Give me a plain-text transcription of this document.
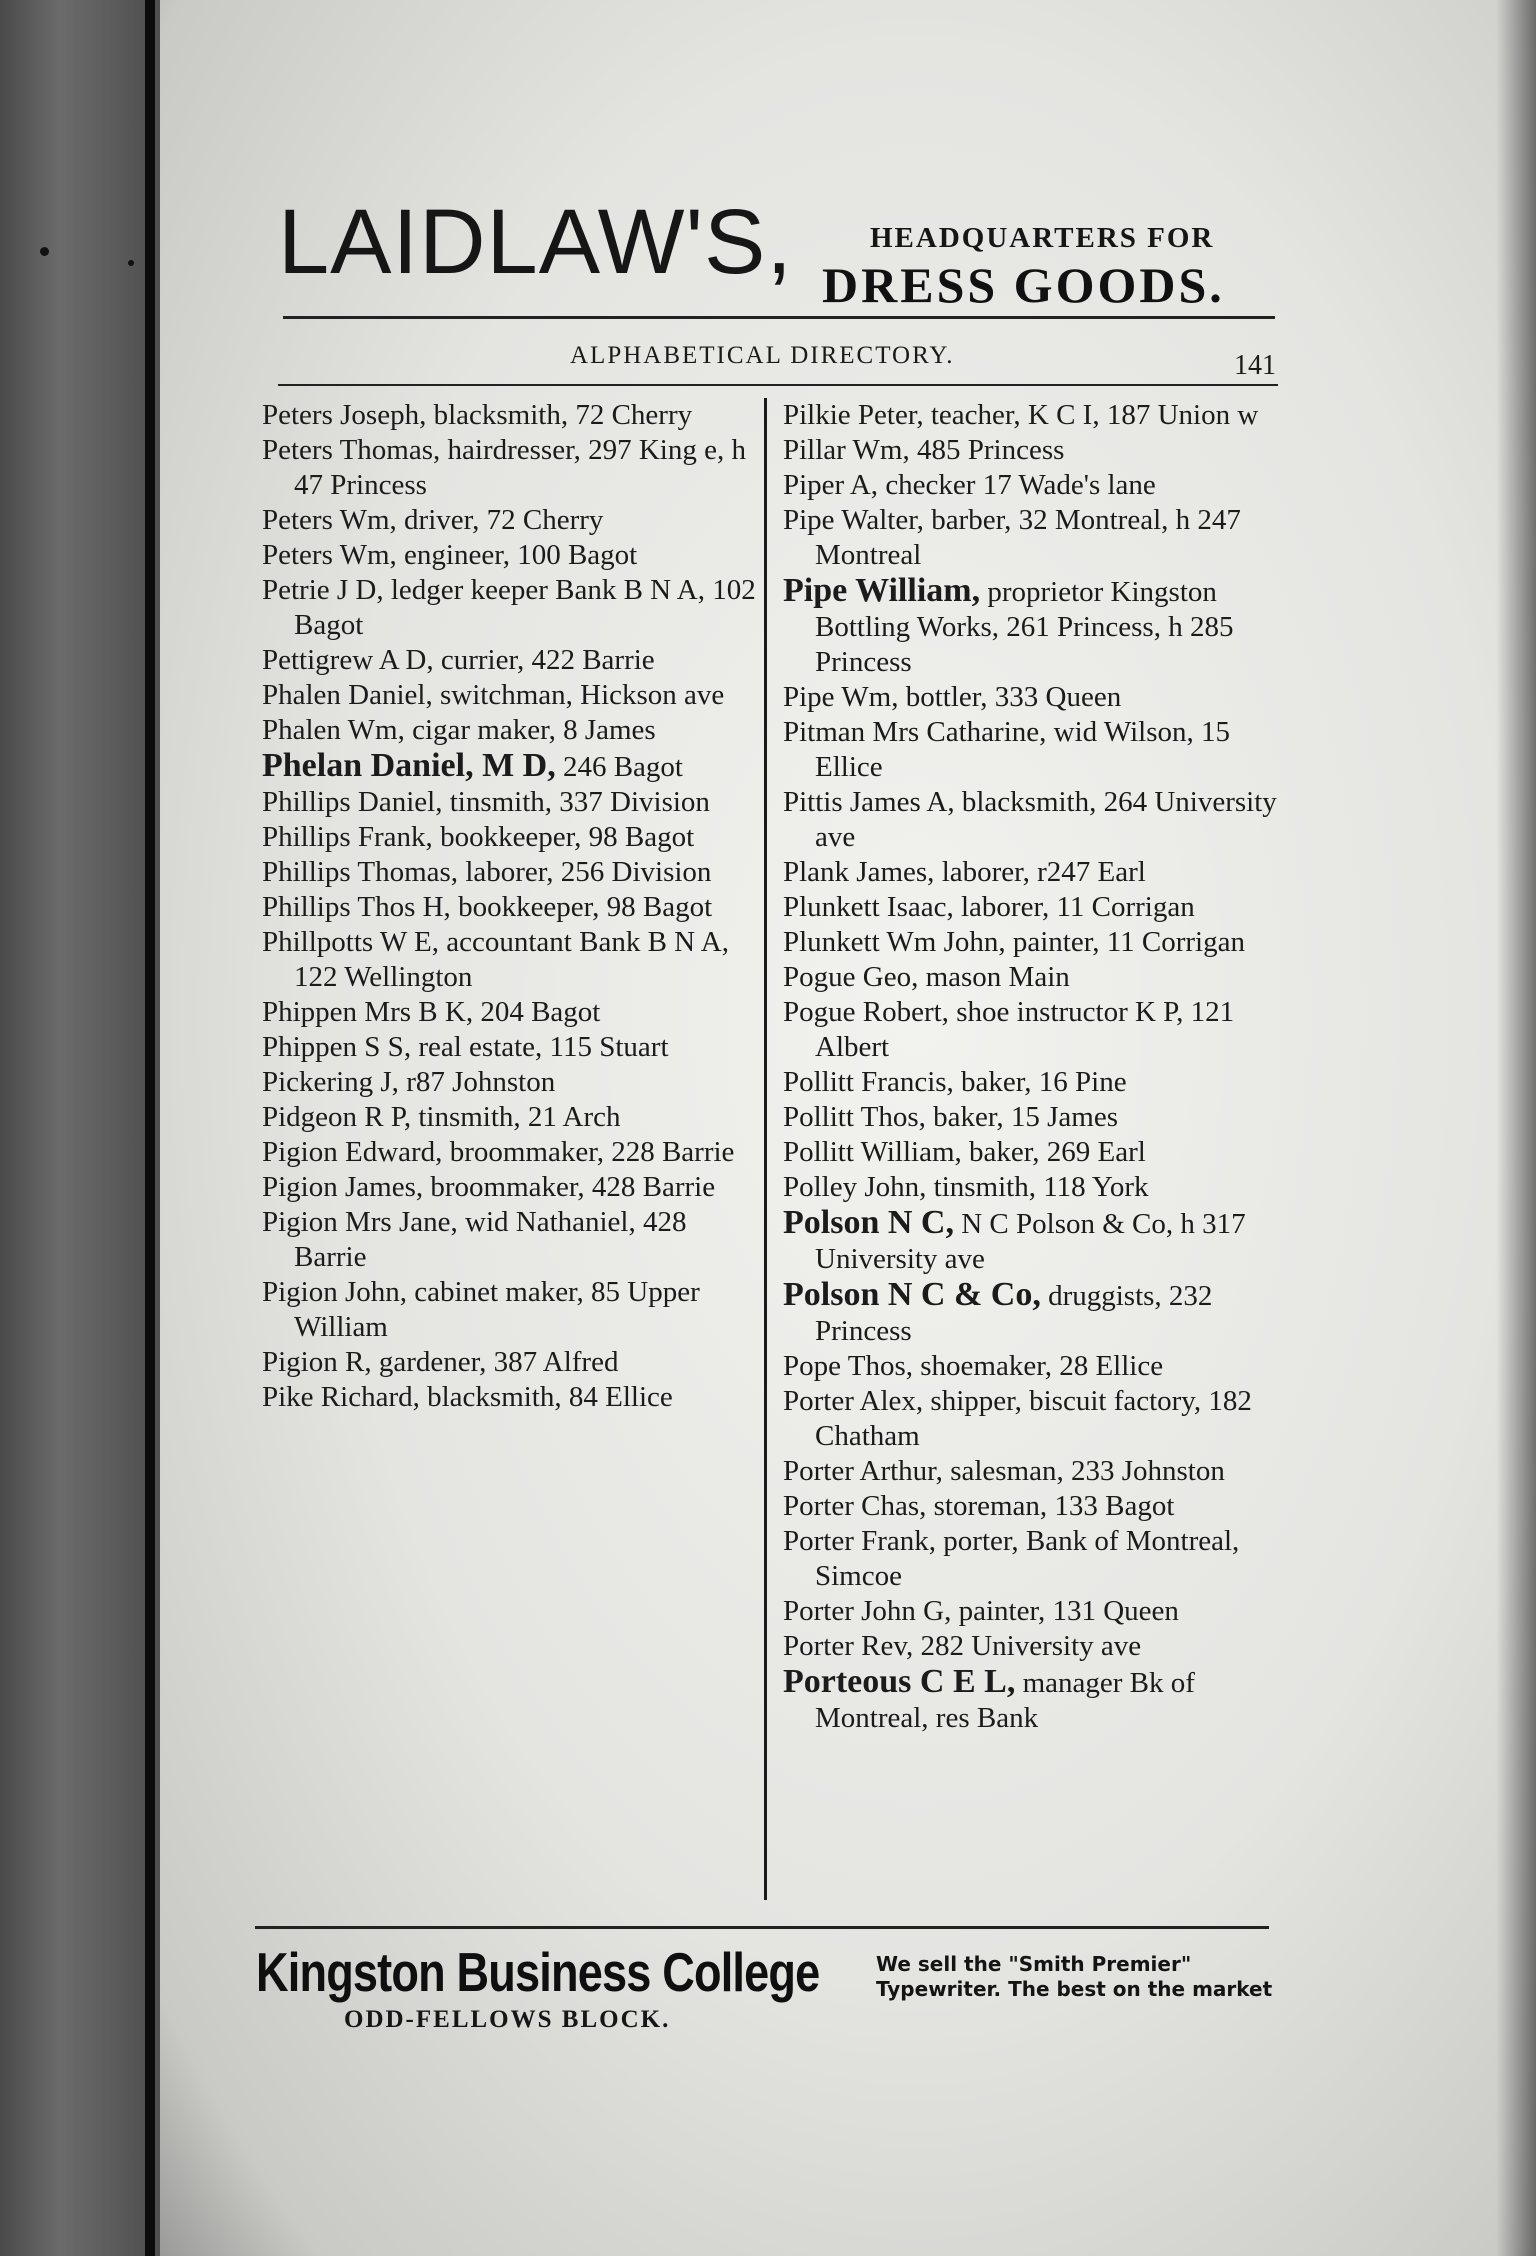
LAIDLAW'S,	HEADQUARTERS FOR
DRESS GOODS.
ALPHABETICAL DIRECTORY.	141
Peters Joseph, blacksmith, 72 Cherry
Peters Thomas, hairdresser, 297 King e, h 47 Princess
Peters Wm, driver, 72 Cherry
Peters Wm, engineer, 100 Bagot
Petrie J D, ledger keeper Bank B N A, 102 Bagot
Pettigrew A D, currier, 422 Barrie
Phalen Daniel, switchman, Hickson ave
Phalen Wm, cigar maker, 8 James
Phelan Daniel, M D, 246 Bagot
Phillips Daniel, tinsmith, 337 Division
Phillips Frank, bookkeeper, 98 Bagot
Phillips Thomas, laborer, 256 Division
Phillips Thos H, bookkeeper, 98 Bagot
Phillpotts W E, accountant Bank B N A, 122 Wellington
Phippen Mrs B K, 204 Bagot
Phippen S S, real estate, 115 Stuart
Pickering J, r87 Johnston
Pidgeon R P, tinsmith, 21 Arch
Pigion Edward, broommaker, 228 Barrie
Pigion James, broommaker, 428 Barrie
Pigion Mrs Jane, wid Nathaniel, 428 Barrie
Pigion John, cabinet maker, 85 Upper William
Pigion R, gardener, 387 Alfred
Pike Richard, blacksmith, 84 Ellice
Pilkie Peter, teacher, K C I, 187 Union w
Pillar Wm, 485 Princess
Piper A, checker 17 Wade's lane
Pipe Walter, barber, 32 Montreal, h 247 Montreal
Pipe William, proprietor Kingston Bottling Works, 261 Princess, h 285 Princess
Pipe Wm, bottler, 333 Queen
Pitman Mrs Catharine, wid Wilson, 15 Ellice
Pittis James A, blacksmith, 264 University ave
Plank James, laborer, r247 Earl
Plunkett Isaac, laborer, 11 Corrigan
Plunkett Wm John, painter, 11 Corrigan
Pogue Geo, mason Main
Pogue Robert, shoe instructor K P, 121 Albert
Pollitt Francis, baker, 16 Pine
Pollitt Thos, baker, 15 James
Pollitt William, baker, 269 Earl
Polley John, tinsmith, 118 York
Polson N C, N C Polson & Co, h 317 University ave
Polson N C & Co, druggists, 232 Princess
Pope Thos, shoemaker, 28 Ellice
Porter Alex, shipper, biscuit factory, 182 Chatham
Porter Arthur, salesman, 233 Johnston
Porter Chas, storeman, 133 Bagot
Porter Frank, porter, Bank of Montreal, Simcoe
Porter John G, painter, 131 Queen
Porter Rev, 282 University ave
Porteous C E L, manager Bk of Montreal, res Bank
Kingston Business College
ODD-FELLOWS BLOCK.
We sell the "Smith Premier" Typewriter. The best on the market
